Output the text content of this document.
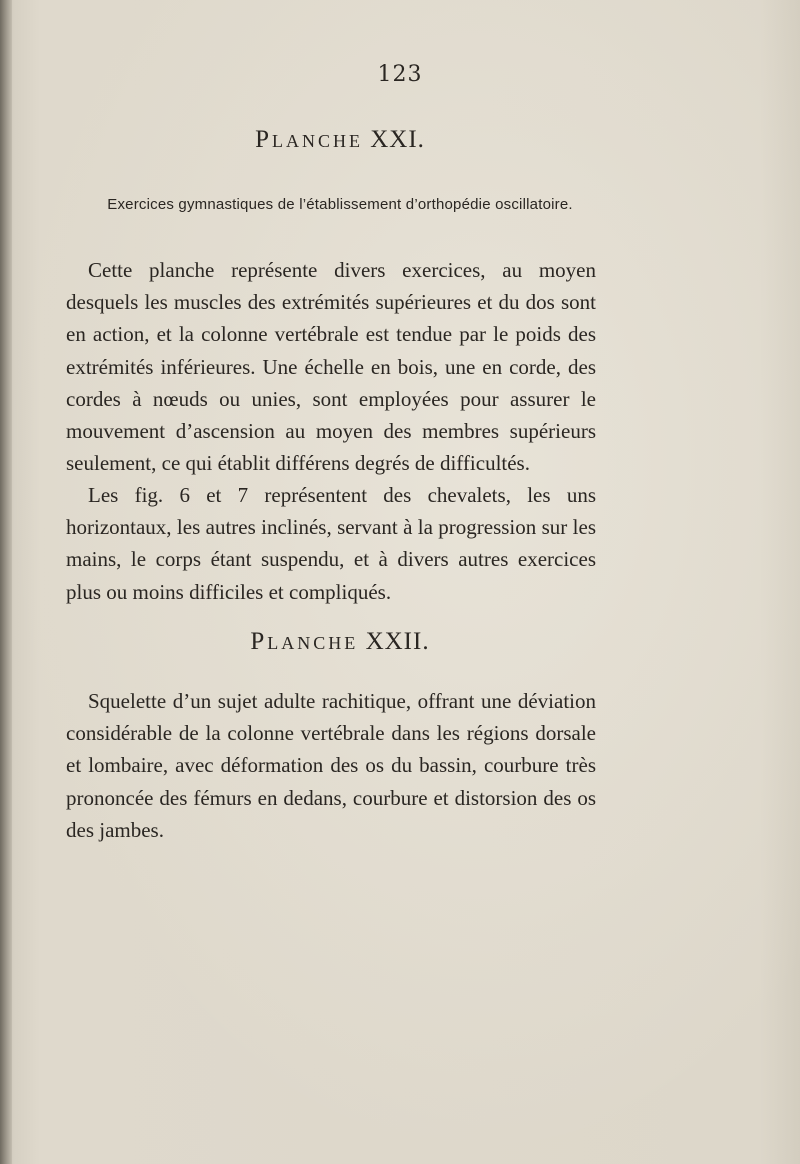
123
Planche XXI.
Exercices gymnastiques de l’établissement d’orthopédie oscillatoire.

Cette planche représente divers exercices, au moyen desquels les muscles des extrémités supérieures et du dos sont en action, et la colonne vertébrale est tendue par le poids des extrémités inférieures. Une échelle en bois, une en corde, des cordes à nœuds ou unies, sont employées pour assurer le mouvement d’ascension au moyen des membres supérieurs seulement, ce qui établit différens degrés de difficultés.

Les fig. 6 et 7 représentent des chevalets, les uns horizontaux, les autres inclinés, servant à la progression sur les mains, le corps étant suspendu, et à divers autres exercices plus ou moins difficiles et compliqués.

Planche XXII.

Squelette d’un sujet adulte rachitique, offrant une déviation considérable de la colonne vertébrale dans les régions dorsale et lombaire, avec déformation des os du bassin, courbure très prononcée des fémurs en dedans, courbure et distorsion des os des jambes.
